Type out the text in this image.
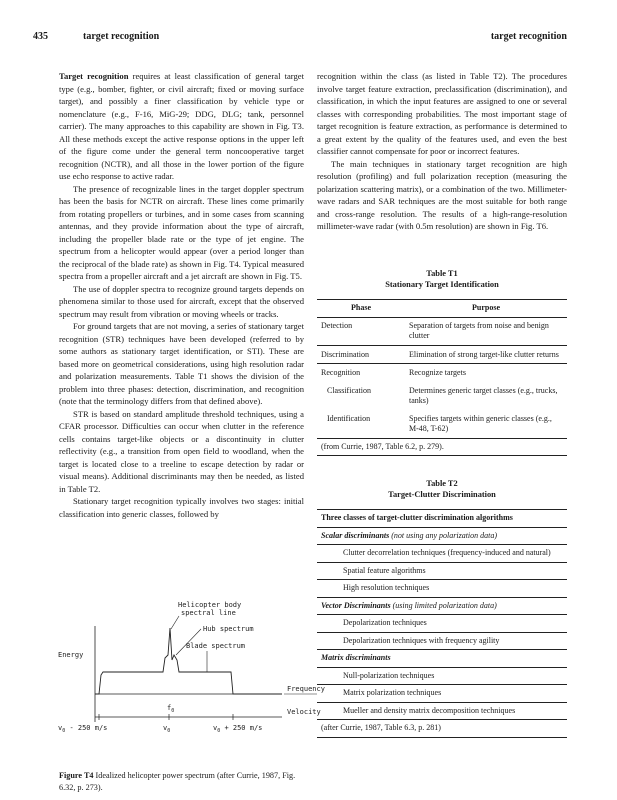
435	target recognition	target recognition

Target recognition requires at least classification of general target type (e.g., bomber, fighter, or civil aircraft; fixed or moving surface target), and possibly a finer classification by vehicle type or nomenclature (e.g., F-16, MiG-29; DDG, DLG; tank, personnel carrier). The many approaches to this capability are shown in Fig. T3. All these methods except the active response options in the upper left of the figure come under the general term noncooperative target recognition (NCTR), and all those in the lower portion of the figure use echo response to active radar.

The presence of recognizable lines in the target doppler spectrum has been the basis for NCTR on aircraft. These lines come primarily from rotating propellers or turbines, and in some cases from scanning antennas, and they provide information about the type of aircraft, including the propeller blade rate or the type of jet engine. The spectrum from a helicopter would appear (over a period longer than the reciprocal of the blade rate) as shown in Fig. T4. Typical measured spectra from a propeller aircraft and a jet aircraft are shown in Fig. T5.

The use of doppler spectra to recognize ground targets depends on phenomena similar to those used for aircraft, except that the observed spectrum may result from vibration or moving wheels or tracks.

For ground targets that are not moving, a series of stationary target recognition (STR) techniques have been developed (referred to by some authors as stationary target identification, or STI). These are based more on geometrical considerations, using high resolution radar and polarization measurements. Table T1 shows the division of the problem into three phases: detection, discrimination, and recognition (note that the terminology differs from that defined above).

STR is based on standard amplitude threshold techniques, using a CFAR processor. Difficulties can occur when clutter in the reference cells contains target-like objects or a discontinuity in clutter reflectivity (e.g., a transition from open field to woodland, when the target is located close to a treeline to escape detection by radar or visual means). Additional discriminants may then be needed, as listed in Table T2.

Stationary target recognition typically involves two stages: initial classification into generic classes, followed by

Energy
Helicopter body
spectral line
Hub spectrum
Blade spectrum
Frequency
$f_0$	Velocity
$v_0 - 250$ m/s	$v_0$	$v_0 + 250$ m/s
Figure T4 Idealized helicopter power spectrum (after Currie, 1987, Fig. 6.32, p. 273).

recognition within the class (as listed in Table T2). The procedures involve target feature extraction, preclassification (discrimination), and classification, in which the input features are assigned to one or several classes with corresponding probabilities. The most important stage of target recognition is feature extraction, as performance is determined to a great extent by the quality of the features used, and even the best classifier cannot compensate for poor or incorrect features.

The main techniques in stationary target recognition are high resolution (profiling) and full polarization reception (measuring the polarization scattering matrix), or a combination of the two. Millimeter-wave radars and SAR techniques are the most suitable for both range and cross-range resolution. The results of a high-range-resolution millimeter-wave radar (with 0.5m resolution) are shown in Fig. T6.

Table T1
Stationary Target Identification
Phase	Purpose
Detection	Separation of targets from noise and benign clutter
Discrimination	Elimination of strong target-like clutter returns
Recognition	Recognize targets
Classification	Determines generic target classes (e.g., trucks, tanks)
Identification	Specifies targets within generic classes (e.g., M-48, T-62)
(from Currie, 1987, Table 6.2, p. 279).	
Table T2
Target-Clutter Discrimination
Three classes of target-clutter discrimination algorithms
Scalar discriminants (not using any polarization data)
Clutter decorrelation techniques (frequency-induced and natural)
Spatial feature algorithms
High resolution techniques
Vector Discriminants (using limited polarization data)
Depolarization techniques
Depolarization techniques with frequency agility
Matrix discriminants
Null-polarization techniques
Matrix polarization techniques
Mueller and density matrix decomposition techniques
(after Currie, 1987, Table 6.3, p. 281)
